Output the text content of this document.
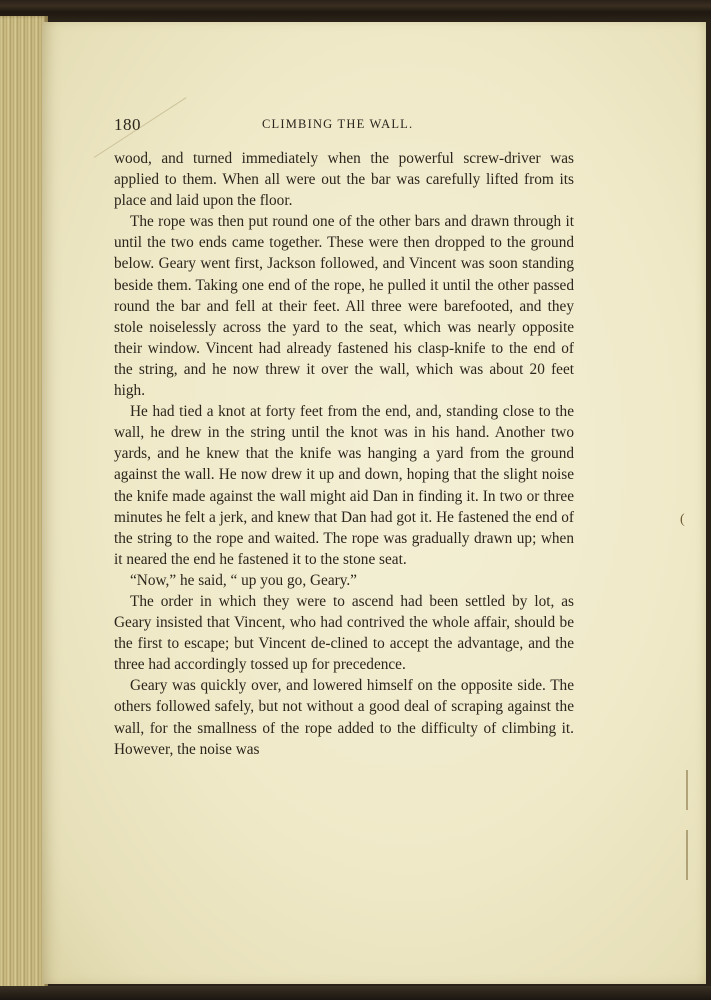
180	CLIMBING THE WALL.

wood, and turned immediately when the powerful screw-driver was applied to them. When all were out the bar was carefully lifted from its place and laid upon the floor.

The rope was then put round one of the other bars and drawn through it until the two ends came together. These were then dropped to the ground below. Geary went first, Jackson followed, and Vincent was soon standing beside them. Taking one end of the rope, he pulled it until the other passed round the bar and fell at their feet. All three were barefooted, and they stole noiselessly across the yard to the seat, which was nearly opposite their window. Vincent had already fastened his clasp-knife to the end of the string, and he now threw it over the wall, which was about 20 feet high.

He had tied a knot at forty feet from the end, and, standing close to the wall, he drew in the string until the knot was in his hand. Another two yards, and he knew that the knife was hanging a yard from the ground against the wall. He now drew it up and down, hoping that the slight noise the knife made against the wall might aid Dan in finding it. In two or three minutes he felt a jerk, and knew that Dan had got it. He fastened the end of the string to the rope and waited. The rope was gradually drawn up; when it neared the end he fastened it to the stone seat.

“Now,” he said, “ up you go, Geary.”

The order in which they were to ascend had been settled by lot, as Geary insisted that Vincent, who had contrived the whole affair, should be the first to escape; but Vincent de-clined to accept the advantage, and the three had accordingly tossed up for precedence.

Geary was quickly over, and lowered himself on the opposite side. The others followed safely, but not without a good deal of scraping against the wall, for the smallness of the rope added to the difficulty of climbing it. However, the noise was

(
